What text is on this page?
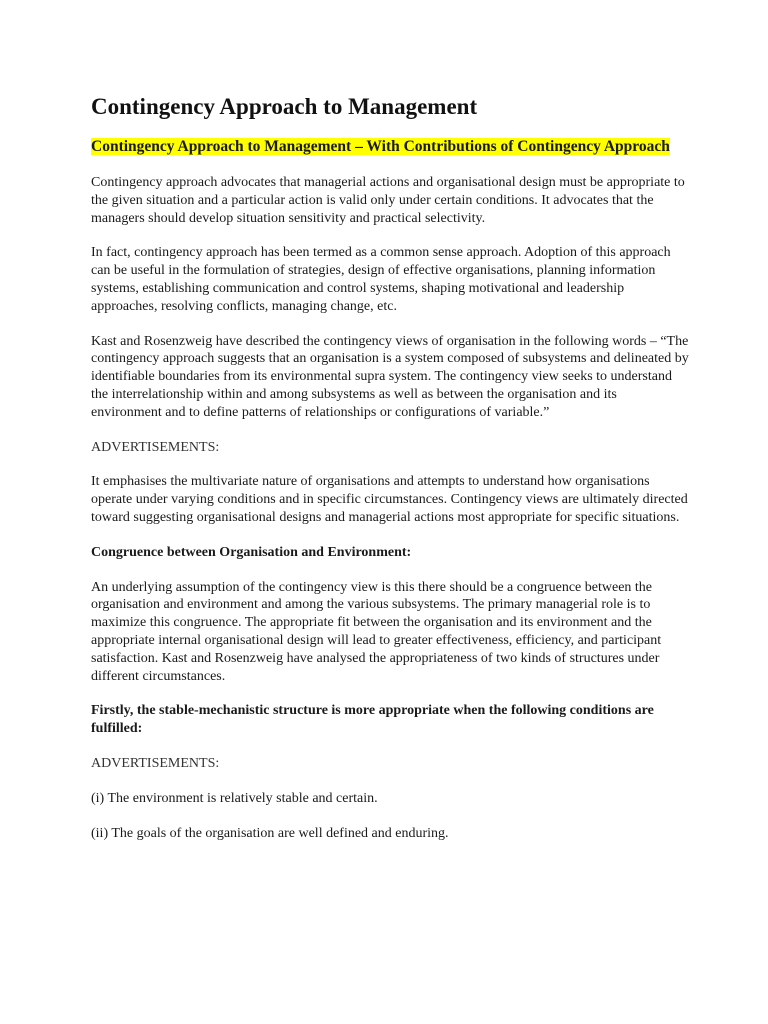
Contingency Approach to Management
Contingency Approach to Management – With Contributions of Contingency Approach

Contingency approach advocates that managerial actions and organisational design must be appropriate to the given situation and a particular action is valid only under certain conditions. It advocates that the managers should develop situation sensitivity and practical selectivity.

In fact, contingency approach has been termed as a common sense approach. Adoption of this approach can be useful in the formulation of strategies, design of effective organisations, planning information systems, establishing communication and control systems, shaping motivational and leadership approaches, resolving conflicts, managing change, etc.

Kast and Rosenzweig have described the contingency views of organisation in the following words – “The contingency approach suggests that an organisation is a system composed of subsystems and delineated by identifiable boundaries from its environmental supra system. The contingency view seeks to understand the interrelationship within and among subsystems as well as between the organisation and its environment and to define patterns of relationships or configurations of variable.”

ADVERTISEMENTS:

It emphasises the multivariate nature of organisations and attempts to understand how organisations operate under varying conditions and in specific circumstances. Contingency views are ultimately directed toward suggesting organisational designs and managerial actions most appropriate for specific situations.

Congruence between Organisation and Environment:

An underlying assumption of the contingency view is this there should be a congruence between the organisation and environment and among the various subsystems. The primary managerial role is to maximize this congruence. The appropriate fit between the organisation and its environment and the appropriate internal organisational design will lead to greater effectiveness, efficiency, and participant satisfaction. Kast and Rosenzweig have analysed the appropriateness of two kinds of structures under different circumstances.

Firstly, the stable-mechanistic structure is more appropriate when the following conditions are fulfilled:

ADVERTISEMENTS:

(i) The environment is relatively stable and certain.

(ii) The goals of the organisation are well defined and enduring.
